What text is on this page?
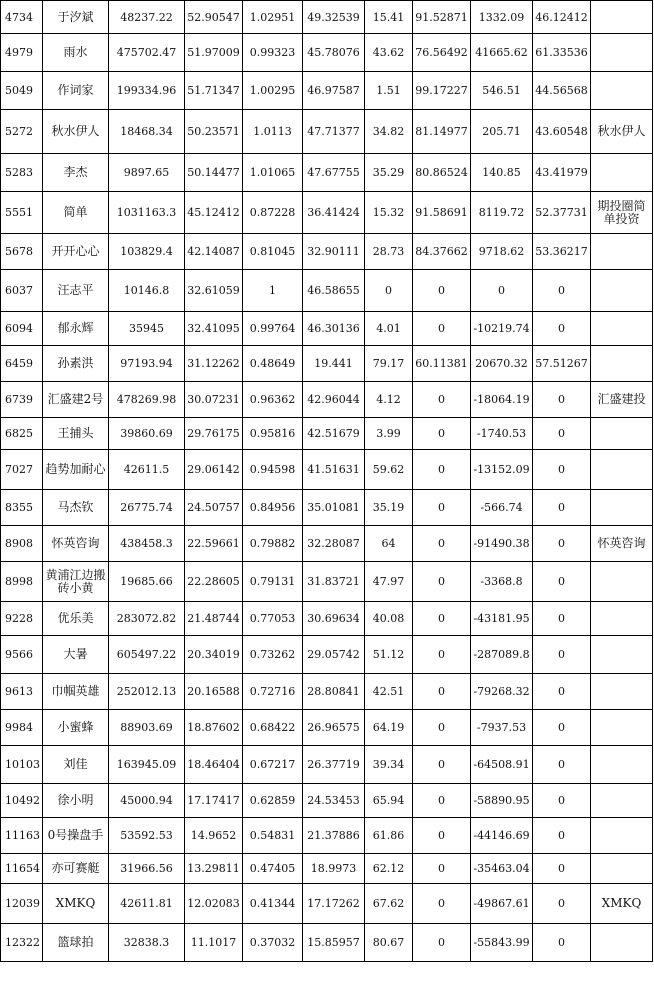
4734	于汐斌	48237.22	52.90547	1.02951	49.32539	15.41	91.52871	1332.09	46.12412	
4979	雨水	475702.47	51.97009	0.99323	45.78076	43.62	76.56492	41665.62	61.33536	
5049	作词家	199334.96	51.71347	1.00295	46.97587	1.51	99.17227	546.51	44.56568	
5272	秋水伊人	18468.34	50.23571	1.0113	47.71377	34.82	81.14977	205.71	43.60548	秋水伊人
5283	李杰	9897.65	50.14477	1.01065	47.67755	35.29	80.86524	140.85	43.41979	
5551	简单	1031163.3	45.12412	0.87228	36.41424	15.32	91.58691	8119.72	52.37731	期投圈简单投资
5678	开开心心	103829.4	42.14087	0.81045	32.90111	28.73	84.37662	9718.62	53.36217	
6037	汪志平	10146.8	32.61059	1	46.58655	0	0	0	0	
6094	郁永辉	35945	32.41095	0.99764	46.30136	4.01	0	-10219.74	0	
6459	孙素洪	97193.94	31.12262	0.48649	19.441	79.17	60.11381	20670.32	57.51267	
6739	汇盛建2号	478269.98	30.07231	0.96362	42.96044	4.12	0	-18064.19	0	汇盛建投
6825	王捕头	39860.69	29.76175	0.95816	42.51679	3.99	0	-1740.53	0	
7027	趋势加耐心	42611.5	29.06142	0.94598	41.51631	59.62	0	-13152.09	0	
8355	马杰钦	26775.74	24.50757	0.84956	35.01081	35.19	0	-566.74	0	
8908	怀英咨询	438458.3	22.59661	0.79882	32.28087	64	0	-91490.38	0	怀英咨询
8998	黄浦江边搬砖小黄	19685.66	22.28605	0.79131	31.83721	47.97	0	-3368.8	0	
9228	优乐美	283072.82	21.48744	0.77053	30.69634	40.08	0	-43181.95	0	
9566	大暑	605497.22	20.34019	0.73262	29.05742	51.12	0	-287089.8	0	
9613	巾帼英雄	252012.13	20.16588	0.72716	28.80841	42.51	0	-79268.32	0	
9984	小蜜蜂	88903.69	18.87602	0.68422	26.96575	64.19	0	-7937.53	0	
10103	刘佳	163945.09	18.46404	0.67217	26.37719	39.34	0	-64508.91	0	
10492	徐小明	45000.94	17.17417	0.62859	24.53453	65.94	0	-58890.95	0	
11163	0号操盘手	53592.53	14.9652	0.54831	21.37886	61.86	0	-44146.69	0	
11654	亦可赛艇	31966.56	13.29811	0.47405	18.9973	62.12	0	-35463.04	0	
12039	XMKQ	42611.81	12.02083	0.41344	17.17262	67.62	0	-49867.61	0	XMKQ
12322	篮球拍	32838.3	11.1017	0.37032	15.85957	80.67	0	-55843.99	0	
